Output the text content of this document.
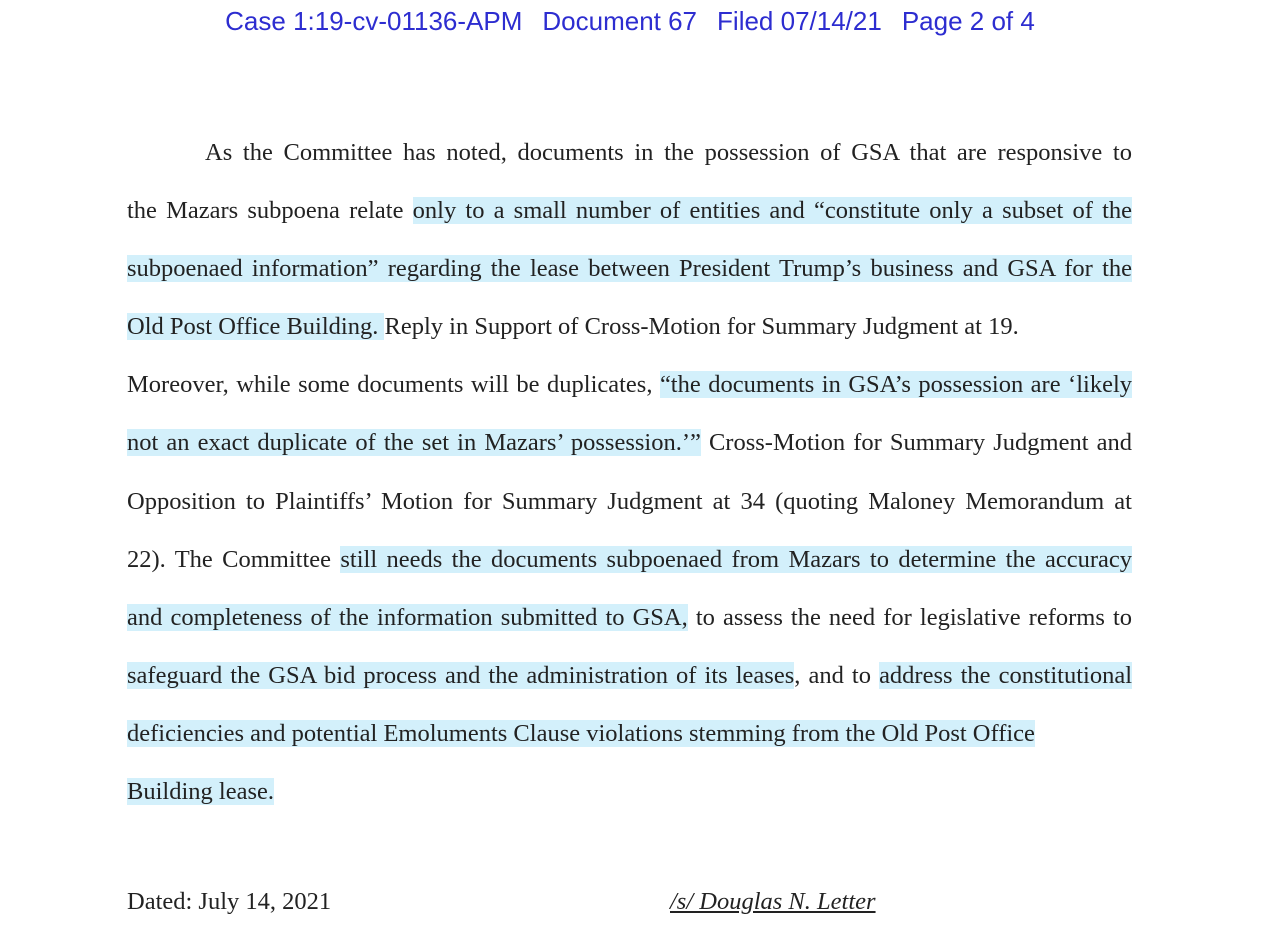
Case 1:19-cv-01136-APM Document 67 Filed 07/14/21 Page 2 of 4
As the Committee has noted, documents in the possession of GSA that are responsive to
the Mazars subpoena relate only to a small number of entities and “constitute only a subset of the
subpoenaed information” regarding the lease between President Trump’s business and GSA for the
Old Post Office Building. Reply in Support of Cross-Motion for Summary Judgment at 19.
Moreover, while some documents will be duplicates, “the documents in GSA’s possession are ‘likely
not an exact duplicate of the set in Mazars’ possession.’” Cross-Motion for Summary Judgment and
Opposition to Plaintiffs’ Motion for Summary Judgment at 34 (quoting Maloney Memorandum at
22). The Committee still needs the documents subpoenaed from Mazars to determine the accuracy
and completeness of the information submitted to GSA, to assess the need for legislative reforms to
safeguard the GSA bid process and the administration of its leases, and to address the constitutional
deficiencies and potential Emoluments Clause violations stemming from the Old Post Office
Building lease.
Dated: July 14, 2021	/s/ Douglas N. Letter
